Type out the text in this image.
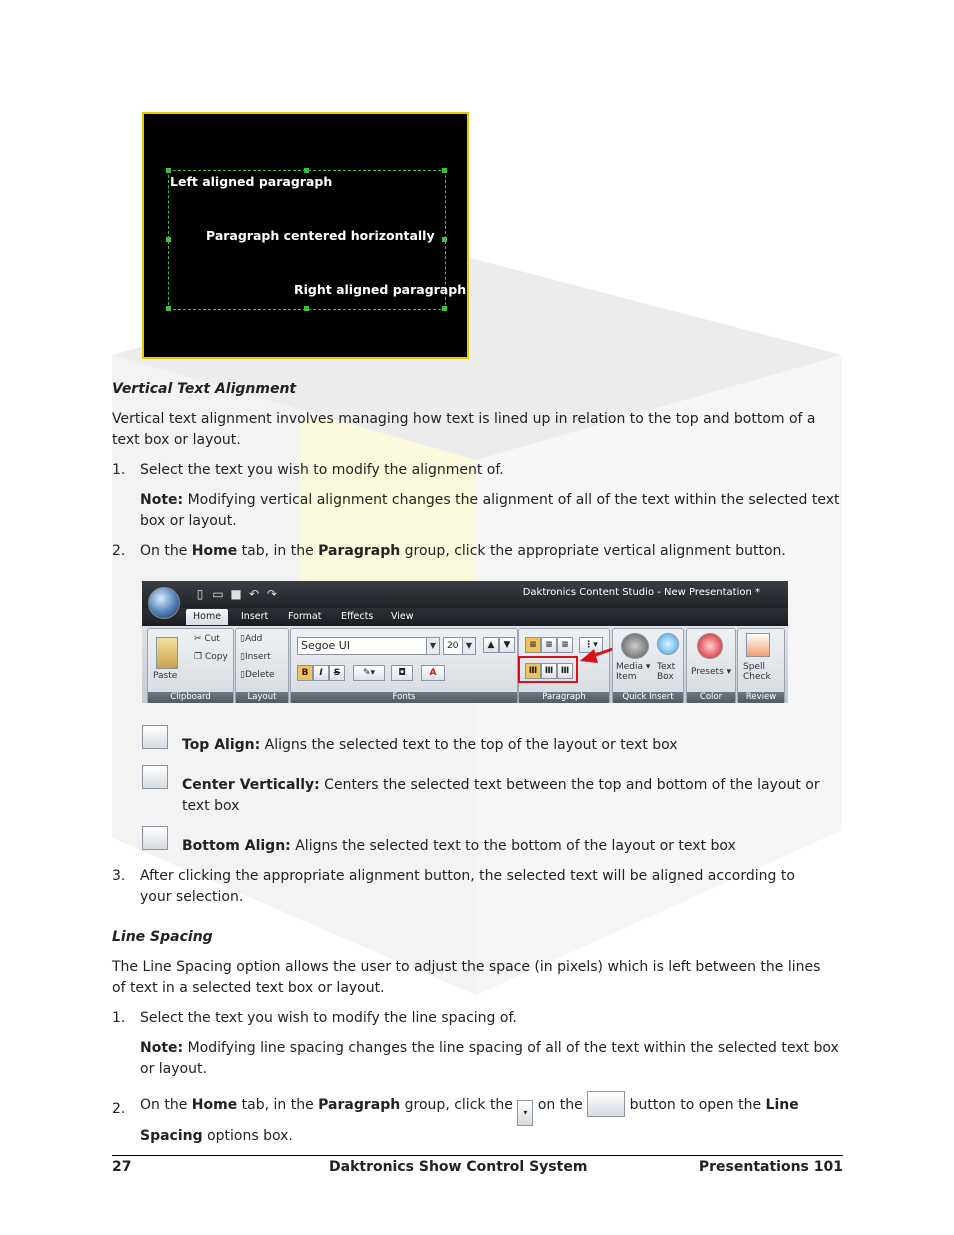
Left aligned paragraph
Paragraph centered horizontally
Right aligned paragraph
Vertical Text Alignment
Vertical text alignment involves managing how text is lined up in relation to the top and bottom of a text box or layout.
1. Select the text you wish to modify the alignment of.
Note: Modifying vertical alignment changes the alignment of all of the text within the selected text box or layout.
2. On the Home tab, in the Paragraph group, click the appropriate vertical alignment button.
▯ ▭ ■ ↶ ↷	Daktronics Content Studio - New Presentation *
Home	Insert	Format	Effects	View
Paste
✂ Cut
❐ Copy
Clipboard
▯Add
▯Insert
▯Delete
Layout
Segoe UI	▼	20 ▼	▲	▼
B	I	S	✎▾	◘	A
Fonts
≡ ≡ ≡	⋮▾
Ⅲ Ⅲ Ⅲ
Paragraph
Media ▾
Item
Text
Box
Quick Insert
Presets ▾
Color
Spell
Check
Review
Top Align: Aligns the selected text to the top of the layout or text box
Center Vertically: Centers the selected text between the top and bottom of the layout or text box
Bottom Align: Aligns the selected text to the bottom of the layout or text box
3. After clicking the appropriate alignment button, the selected text will be aligned according to your selection.
Line Spacing
The Line Spacing option allows the user to adjust the space (in pixels) which is left between the lines of text in a selected text box or layout.
1. Select the text you wish to modify the line spacing of.
Note: Modifying line spacing changes the line spacing of all of the text within the selected text box or layout.
2. On the Home tab, in the Paragraph group, click the ▾ on the	button to open the Line
Spacing options box.
27	Daktronics Show Control System	Presentations 101
